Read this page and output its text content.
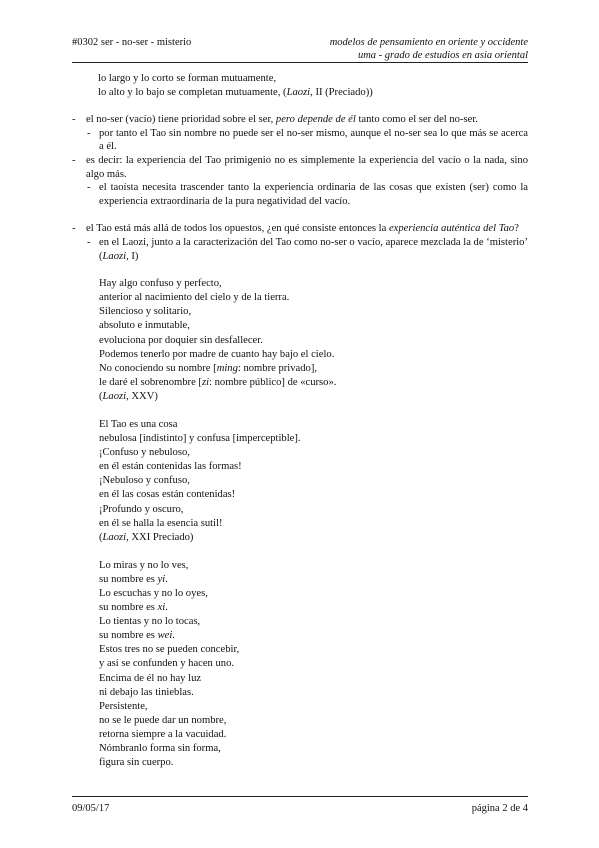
#0302 ser - no-ser - misterio	modelos de pensamiento en oriente y occidente
uma - grado de estudios en asia oriental
lo largo y lo corto se forman mutuamente,
lo alto y lo bajo se completan mutuamente, (Laozi, II (Preciado))
- el no-ser (vacío) tiene prioridad sobre el ser, pero depende de él tanto como el ser del no-ser.
- por tanto el Tao sin nombre no puede ser el no-ser mismo, aunque el no-ser sea lo que más se acerca a él.
- es decir: la experiencia del Tao primigenio no es simplemente la experiencia del vacío o la nada, sino algo más.
- el taoísta necesita trascender tanto la experiencia ordinaria de las cosas que existen (ser) como la experiencia extraordinaria de la pura negatividad del vacío.
- el Tao está más allá de todos los opuestos, ¿en qué consiste entonces la experiencia auténtica del Tao?
- en el Laozi, junto a la caracterización del Tao como no-ser o vacío, aparece mezclada la de ‘misterio’ (Laozi, I)
Hay algo confuso y perfecto,
anterior al nacimiento del cielo y de la tierra.
Silencioso y solitario,
absoluto e inmutable,
evoluciona por doquier sin desfallecer.
Podemos tenerlo por madre de cuanto hay bajo el cielo.
No conociendo su nombre [ming: nombre privado],
le daré el sobrenombre [zi: nombre público] de «curso».
(Laozi, XXV)
El Tao es una cosa
nebulosa [indistinto] y confusa [imperceptible].
¡Confuso y nebuloso,
en él están contenidas las formas!
¡Nebuloso y confuso,
en él las cosas están contenidas!
¡Profundo y oscuro,
en él se halla la esencia sutil!
(Laozi, XXI Preciado)
Lo miras y no lo ves,
su nombre es yi.
Lo escuchas y no lo oyes,
su nombre es xi.
Lo tientas y no lo tocas,
su nombre es wei.
Estos tres no se pueden concebir,
y así se confunden y hacen uno.
Encima de él no hay luz
ni debajo las tinieblas.
Persistente,
no se le puede dar un nombre,
retorna siempre a la vacuidad.
Nómbranlo forma sin forma,
figura sin cuerpo.
09/05/17	página 2 de 4
